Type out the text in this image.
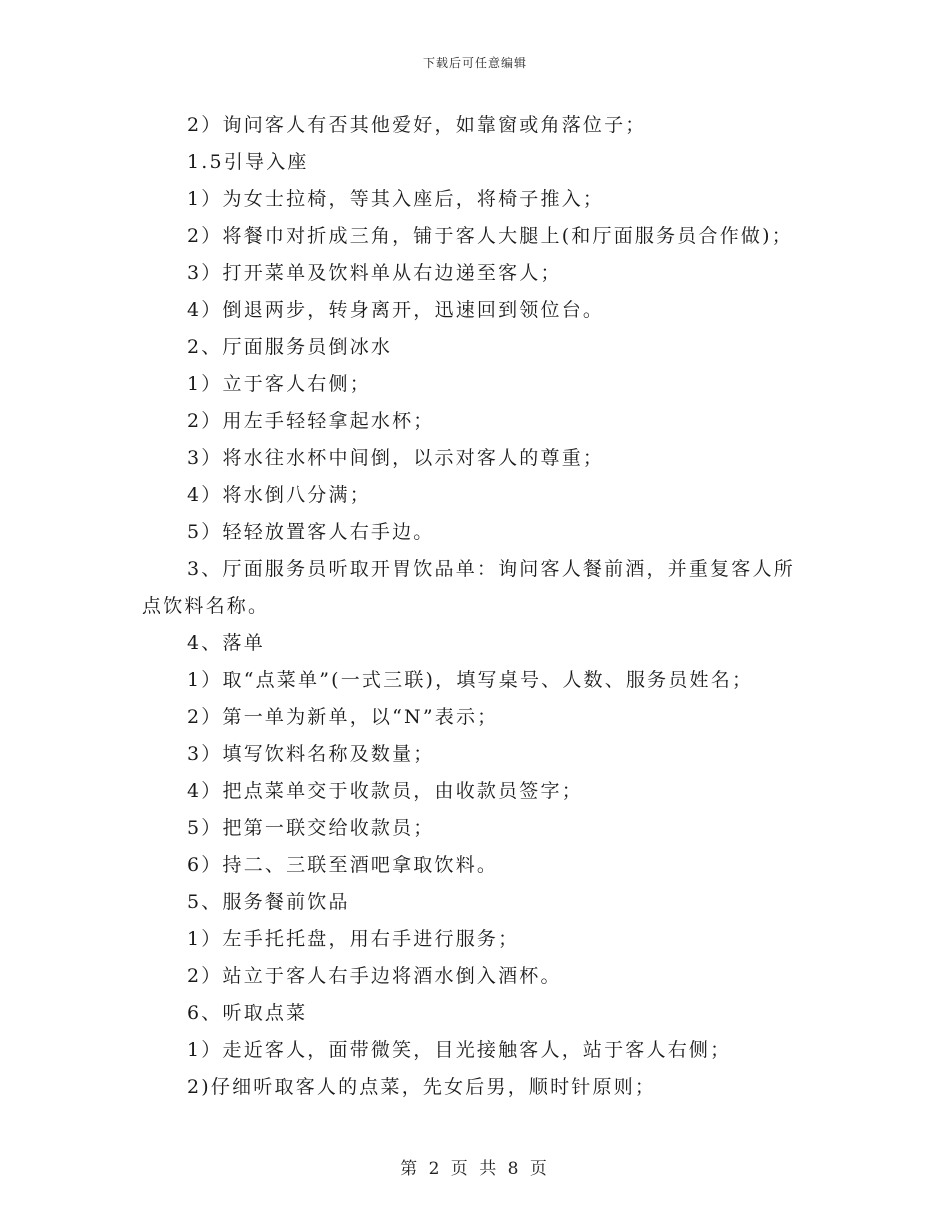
下载后可任意编辑
2）询问客人有否其他爱好，如靠窗或角落位子；
1.5引导入座
1）为女士拉椅，等其入座后，将椅子推入；
2）将餐巾对折成三角，铺于客人大腿上(和厅面服务员合作做)；
3）打开菜单及饮料单从右边递至客人；
4）倒退两步，转身离开，迅速回到领位台。
2、厅面服务员倒冰水
1）立于客人右侧；
2）用左手轻轻拿起水杯；
3）将水往水杯中间倒，以示对客人的尊重；
4）将水倒八分满；
5）轻轻放置客人右手边。
3、厅面服务员听取开胃饮品单：询问客人餐前酒，并重复客人所
点饮料名称。
4、落单
1）取“点菜单”(一式三联)，填写桌号、人数、服务员姓名；
2）第一单为新单，以“N”表示；
3）填写饮料名称及数量；
4）把点菜单交于收款员，由收款员签字；
5）把第一联交给收款员；
6）持二、三联至酒吧拿取饮料。
5、服务餐前饮品
1）左手托托盘，用右手进行服务；
2）站立于客人右手边将酒水倒入酒杯。
6、听取点菜
1）走近客人，面带微笑，目光接触客人，站于客人右侧；
2)仔细听取客人的点菜，先女后男，顺时针原则；
第 2 页 共 8 页
